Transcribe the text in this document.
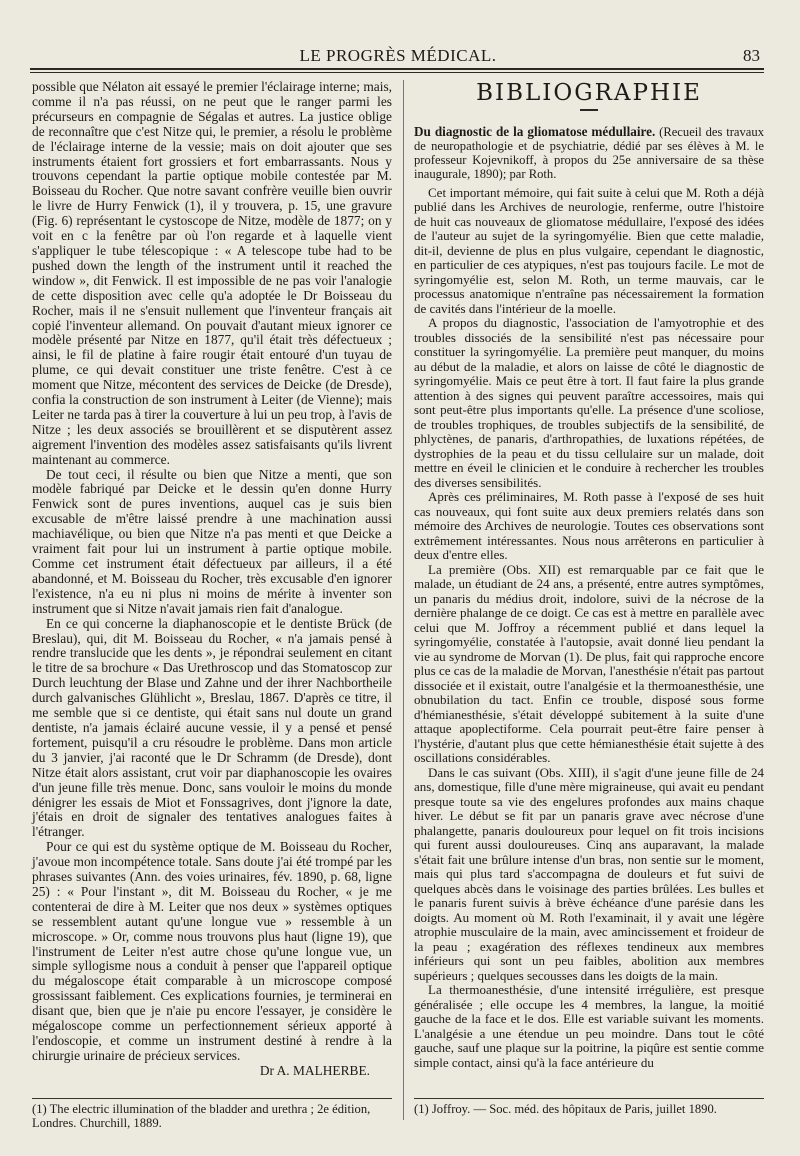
LE PROGRÈS MÉDICAL.	83

possible que Nélaton ait essayé le premier l'éclairage interne; mais, comme il n'a pas réussi, on ne peut que le ranger parmi les précurseurs en compagnie de Ségalas et autres. La justice oblige de reconnaître que c'est Nitze qui, le premier, a résolu le problème de l'éclairage interne de la vessie; mais on doit ajouter que ses instruments étaient fort grossiers et fort embarrassants. Nous y trouvons cependant la partie optique mobile contestée par M. Boisseau du Rocher. Que notre savant confrère veuille bien ouvrir le livre de Hurry Fenwick (1), il y trouvera, p. 15, une gravure (Fig. 6) représentant le cystoscope de Nitze, modèle de 1877; on y voit en c la fenêtre par où l'on regarde et à laquelle vient s'appliquer le tube télescopique : « A telescope tube had to be pushed down the length of the instrument until it reached the window », dit Fenwick. Il est impossible de ne pas voir l'analogie de cette disposition avec celle qu'a adoptée le Dr Boisseau du Rocher, mais il ne s'ensuit nullement que l'inventeur français ait copié l'inventeur allemand. On pouvait d'autant mieux ignorer ce modèle présenté par Nitze en 1877, qu'il était très défectueux ; ainsi, le fil de platine à faire rougir était entouré d'un tuyau de plume, ce qui devait constituer une triste fenêtre. C'est à ce moment que Nitze, mécontent des services de Deicke (de Dresde), confia la construction de son instrument à Leiter (de Vienne); mais Leiter ne tarda pas à tirer la couverture à lui un peu trop, à l'avis de Nitze ; les deux associés se brouillèrent et se disputèrent assez aigrement l'invention des modèles assez satisfaisants qu'ils livrent maintenant au commerce.

De tout ceci, il résulte ou bien que Nitze a menti, que son modèle fabriqué par Deicke et le dessin qu'en donne Hurry Fenwick sont de pures inventions, auquel cas je suis bien excusable de m'être laissé prendre à une machination aussi machiavélique, ou bien que Nitze n'a pas menti et que Deicke a vraiment fait pour lui un instrument à partie optique mobile. Comme cet instrument était défectueux par ailleurs, il a été abandonné, et M. Boisseau du Rocher, très excusable d'en ignorer l'existence, n'a eu ni plus ni moins de mérite à inventer son instrument que si Nitze n'avait jamais rien fait d'analogue.

En ce qui concerne la diaphanoscopie et le dentiste Brück (de Breslau), qui, dit M. Boisseau du Rocher, « n'a jamais pensé à rendre translucide que les dents », je répondrai seulement en citant le titre de sa brochure « Das Urethroscop und das Stomatoscop zur Durch leuchtung der Blase und Zahne und der ihrer Nachbortheile durch galvanisches Glühlicht », Breslau, 1867. D'après ce titre, il me semble que si ce dentiste, qui était sans nul doute un grand dentiste, n'a jamais éclairé aucune vessie, il y a pensé et pensé fortement, puisqu'il a cru résoudre le problème. Dans mon article du 3 janvier, j'ai raconté que le Dr Schramm (de Dresde), dont Nitze était alors assistant, crut voir par diaphanoscopie les ovaires d'un jeune fille très menue. Donc, sans vouloir le moins du monde dénigrer les essais de Miot et Fonssagrives, dont j'ignore la date, j'étais en droit de signaler des tentatives analogues faites à l'étranger.

Pour ce qui est du système optique de M. Boisseau du Rocher, j'avoue mon incompétence totale. Sans doute j'ai été trompé par les phrases suivantes (Ann. des voies urinaires, fév. 1890, p. 68, ligne 25) : « Pour l'instant », dit M. Boisseau du Rocher, « je me contenterai de dire à M. Leiter que nos deux » systèmes optiques se ressemblent autant qu'une longue vue » ressemble à un microscope. » Or, comme nous trouvons plus haut (ligne 19), que l'instrument de Leiter n'est autre chose qu'une longue vue, un simple syllogisme nous a conduit à penser que l'appareil optique du mégaloscope était comparable à un microscope composé grossissant faiblement. Ces explications fournies, je terminerai en disant que, bien que je n'aie pu encore l'essayer, je considère le mégaloscope comme un perfectionnement sérieux apporté à l'endoscopie, et comme un instrument destiné à rendre à la chirurgie urinaire de précieux services.

Dr A. MALHERBE.

BIBLIOGRAPHIE

Du diagnostic de la gliomatose médullaire. (Recueil des travaux de neuropathologie et de psychiatrie, dédié par ses élèves à M. le professeur Kojevnikoff, à propos du 25e anniversaire de sa thèse inaugurale, 1890); par Roth.

Cet important mémoire, qui fait suite à celui que M. Roth a déjà publié dans les Archives de neurologie, renferme, outre l'histoire de huit cas nouveaux de gliomatose médullaire, l'exposé des idées de l'auteur au sujet de la syringomyélie. Bien que cette maladie, dit-il, devienne de plus en plus vulgaire, cependant le diagnostic, en particulier de ces atypiques, n'est pas toujours facile. Le mot de syringomyélie est, selon M. Roth, un terme mauvais, car le processus anatomique n'entraîne pas nécessairement la formation de cavités dans l'intérieur de la moelle.

A propos du diagnostic, l'association de l'amyotrophie et des troubles dissociés de la sensibilité n'est pas nécessaire pour constituer la syringomyélie. La première peut manquer, du moins au début de la maladie, et alors on laisse de côté le diagnostic de syringomyélie. Mais ce peut être à tort. Il faut faire la plus grande attention à des signes qui peuvent paraître accessoires, mais qui sont peut-être plus importants qu'elle. La présence d'une scoliose, de troubles trophiques, de troubles subjectifs de la sensibilité, de phlyctènes, de panaris, d'arthropathies, de luxations répétées, de dystrophies de la peau et du tissu cellulaire sur un malade, doit mettre en éveil le clinicien et le conduire à rechercher les troubles des diverses sensibilités.

Après ces préliminaires, M. Roth passe à l'exposé de ses huit cas nouveaux, qui font suite aux deux premiers relatés dans son mémoire des Archives de neurologie. Toutes ces observations sont extrêmement intéressantes. Nous nous arrêterons en particulier à deux d'entre elles.

La première (Obs. XII) est remarquable par ce fait que le malade, un étudiant de 24 ans, a présenté, entre autres symptômes, un panaris du médius droit, indolore, suivi de la nécrose de la dernière phalange de ce doigt. Ce cas est à mettre en parallèle avec celui que M. Joffroy a récemment publié et dans lequel la syringomyélie, constatée à l'autopsie, avait donné lieu pendant la vie au syndrome de Morvan (1). De plus, fait qui rapproche encore plus ce cas de la maladie de Morvan, l'anesthésie n'était pas partout dissociée et il existait, outre l'analgésie et la thermoanesthésie, une obnubilation du tact. Enfin ce trouble, disposé sous forme d'hémianesthésie, s'était développé subitement à la suite d'une attaque apoplectiforme. Cela pourrait peut-être faire penser à l'hystérie, d'autant plus que cette hémianesthésie était sujette à des oscillations considérables.

Dans le cas suivant (Obs. XIII), il s'agit d'une jeune fille de 24 ans, domestique, fille d'une mère migraineuse, qui avait eu pendant presque toute sa vie des engelures profondes aux mains chaque hiver. Le début se fit par un panaris grave avec nécrose d'une phalangette, panaris douloureux pour lequel on fit trois incisions qui furent aussi douloureuses. Cinq ans auparavant, la malade s'était fait une brûlure intense d'un bras, non sentie sur le moment, mais qui plus tard s'accompagna de douleurs et fut suivi de quelques abcès dans le voisinage des parties brûlées. Les bulles et le panaris furent suivis à brève échéance d'une parésie dans les doigts. Au moment où M. Roth l'examinait, il y avait une légère atrophie musculaire de la main, avec amincissement et froideur de la peau ; exagération des réflexes tendineux aux membres inférieurs qui sont un peu faibles, abolition aux membres supérieurs ; quelques secousses dans les doigts de la main.

La thermoanesthésie, d'une intensité irrégulière, est presque généralisée ; elle occupe les 4 membres, la langue, la moitié gauche de la face et le dos. Elle est variable suivant les moments. L'analgésie a une étendue un peu moindre. Dans tout le côté gauche, sauf une plaque sur la poitrine, la piqûre est sentie comme simple contact, ainsi qu'à la face antérieure du

(1) The electric illumination of the bladder and urethra ; 2e édition, Londres. Churchill, 1889.
(1) Joffroy. — Soc. méd. des hôpitaux de Paris, juillet 1890.
